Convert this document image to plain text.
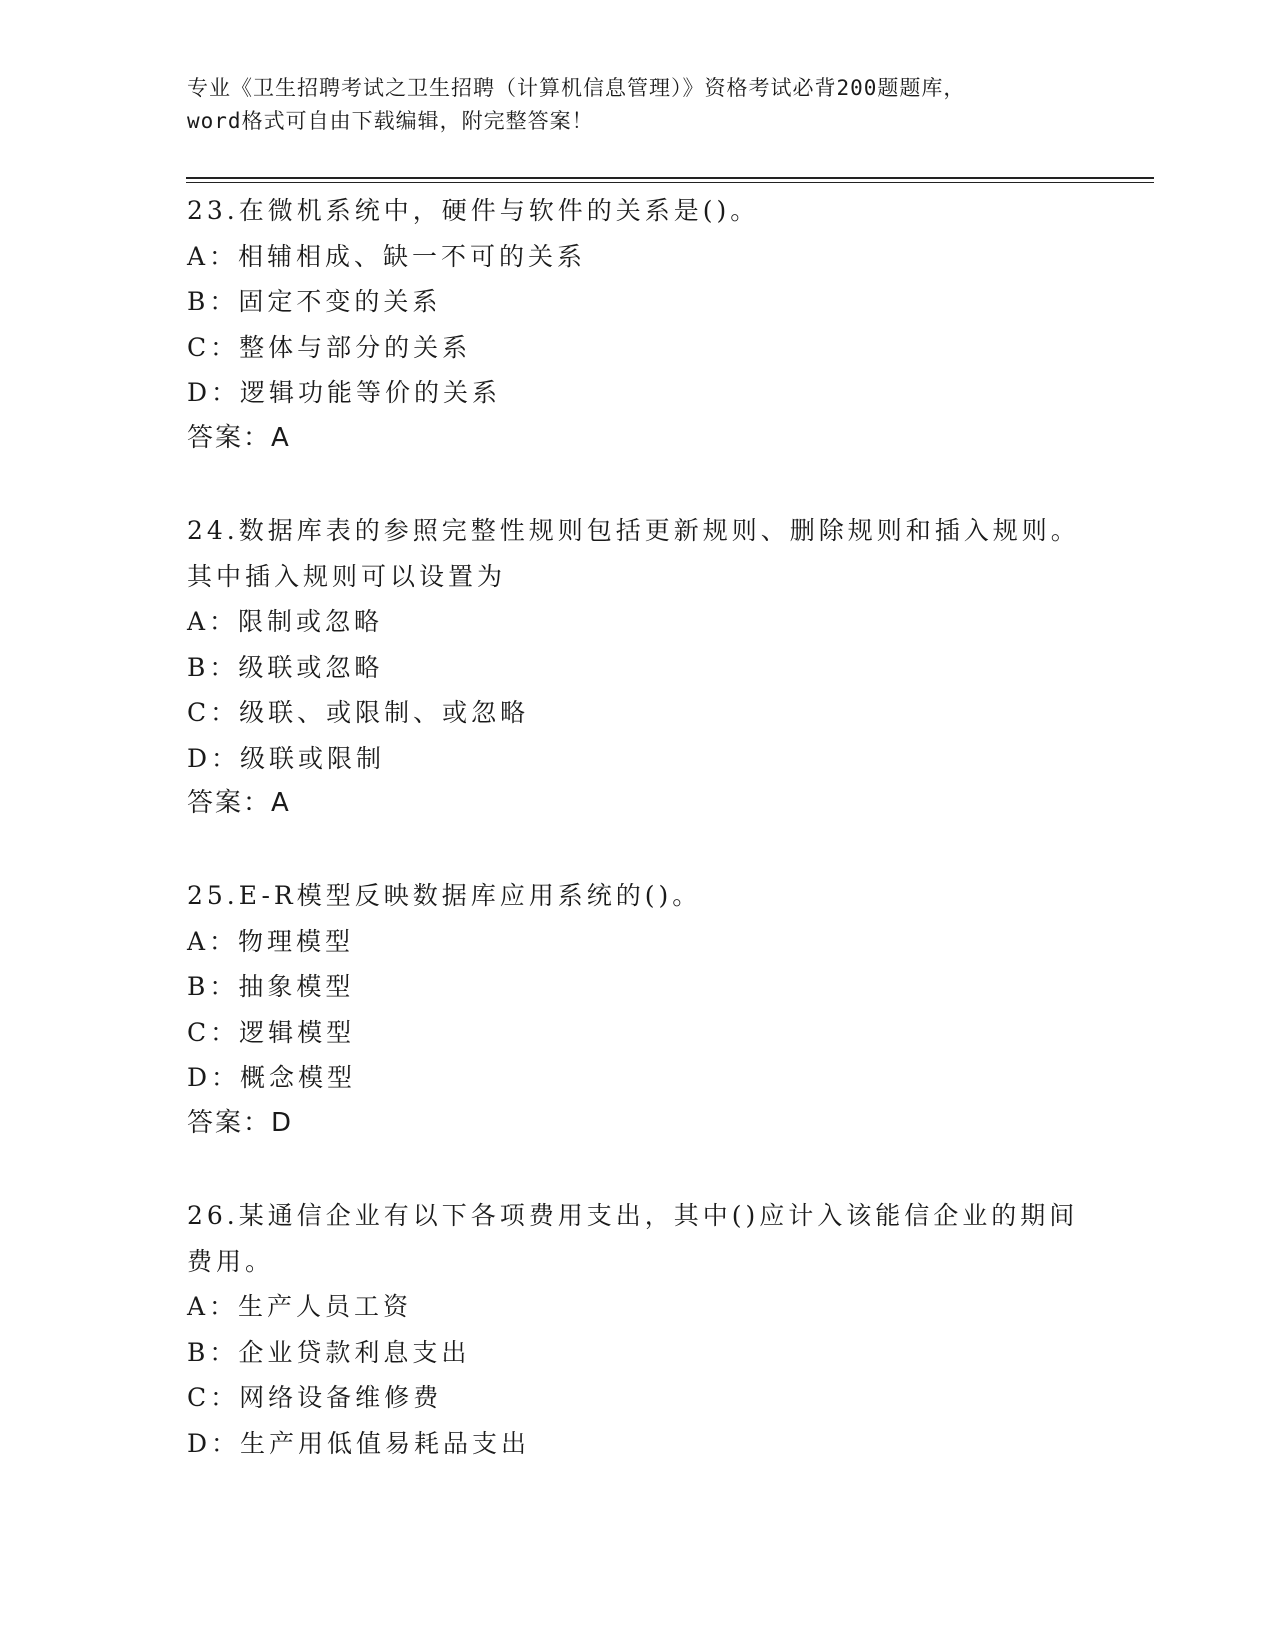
专业《卫生招聘考试之卫生招聘（计算机信息管理）》资格考试必背200题题库，
word格式可自由下载编辑，附完整答案！
23.在微机系统中，硬件与软件的关系是()。
A：相辅相成、缺一不可的关系
B：固定不变的关系
C：整体与部分的关系
D：逻辑功能等价的关系
答案：A
24.数据库表的参照完整性规则包括更新规则、删除规则和插入规则。
其中插入规则可以设置为
A：限制或忽略
B：级联或忽略
C：级联、或限制、或忽略
D：级联或限制
答案：A
25.E-R模型反映数据库应用系统的()。
A：物理模型
B：抽象模型
C：逻辑模型
D：概念模型
答案：D
26.某通信企业有以下各项费用支出，其中()应计入该能信企业的期间
费用。
A：生产人员工资
B：企业贷款利息支出
C：网络设备维修费
D：生产用低值易耗品支出
